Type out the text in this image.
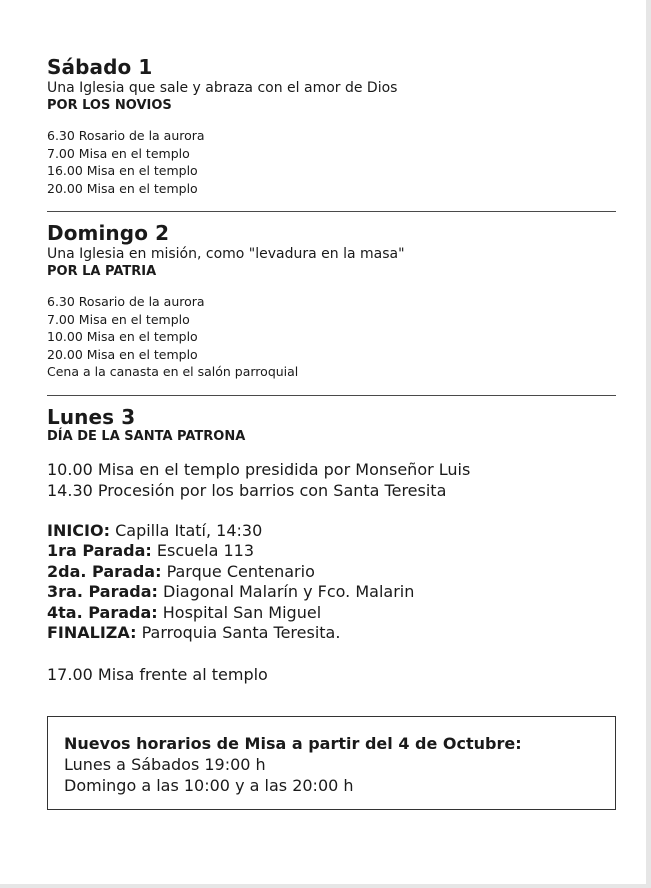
Sábado 1
Una Iglesia que sale y abraza con el amor de Dios
POR LOS NOVIOS
6.30 Rosario de la aurora
7.00 Misa en el templo
16.00 Misa en el templo
20.00 Misa en el templo
Domingo 2
Una Iglesia en misión, como "levadura en la masa"
POR LA PATRIA
6.30 Rosario de la aurora
7.00 Misa en el templo
10.00 Misa en el templo
20.00 Misa en el templo
Cena a la canasta en el salón parroquial
Lunes 3
DÍA DE LA SANTA PATRONA
10.00 Misa en el templo presidida por Monseñor Luis
14.30 Procesión por los barrios con Santa Teresita
INICIO: Capilla Itatí, 14:30
1ra Parada: Escuela 113
2da. Parada: Parque Centenario
3ra. Parada: Diagonal Malarín y Fco. Malarin
4ta. Parada: Hospital San Miguel
FINALIZA: Parroquia Santa Teresita.
17.00 Misa frente al templo
Nuevos horarios de Misa a partir del 4 de Octubre:
Lunes a Sábados 19:00 h
Domingo a las 10:00 y a las 20:00 h
